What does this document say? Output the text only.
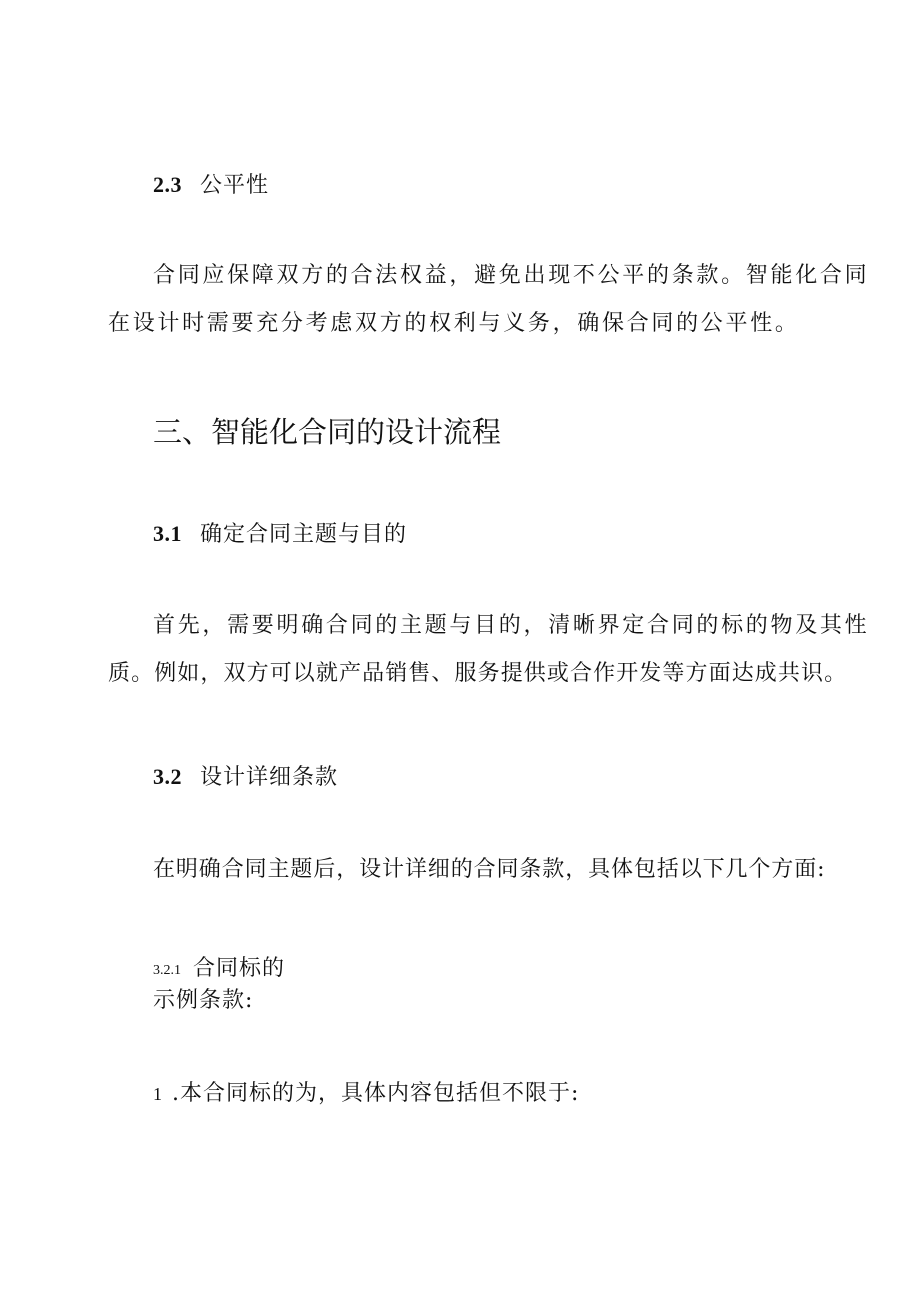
2.3 公平性
合同应保障双方的合法权益，避免出现不公平的条款。智能化合同
在设计时需要充分考虑双方的权利与义务，确保合同的公平性。
三、智能化合同的设计流程
3.1 确定合同主题与目的
首先，需要明确合同的主题与目的，清晰界定合同的标的物及其性
质。例如，双方可以就产品销售、服务提供或合作开发等方面达成共识。
3.2 设计详细条款
在明确合同主题后，设计详细的合同条款，具体包括以下几个方面:
3.2.1 合同标的
示例条款:
1 .本合同标的为，具体内容包括但不限于:
